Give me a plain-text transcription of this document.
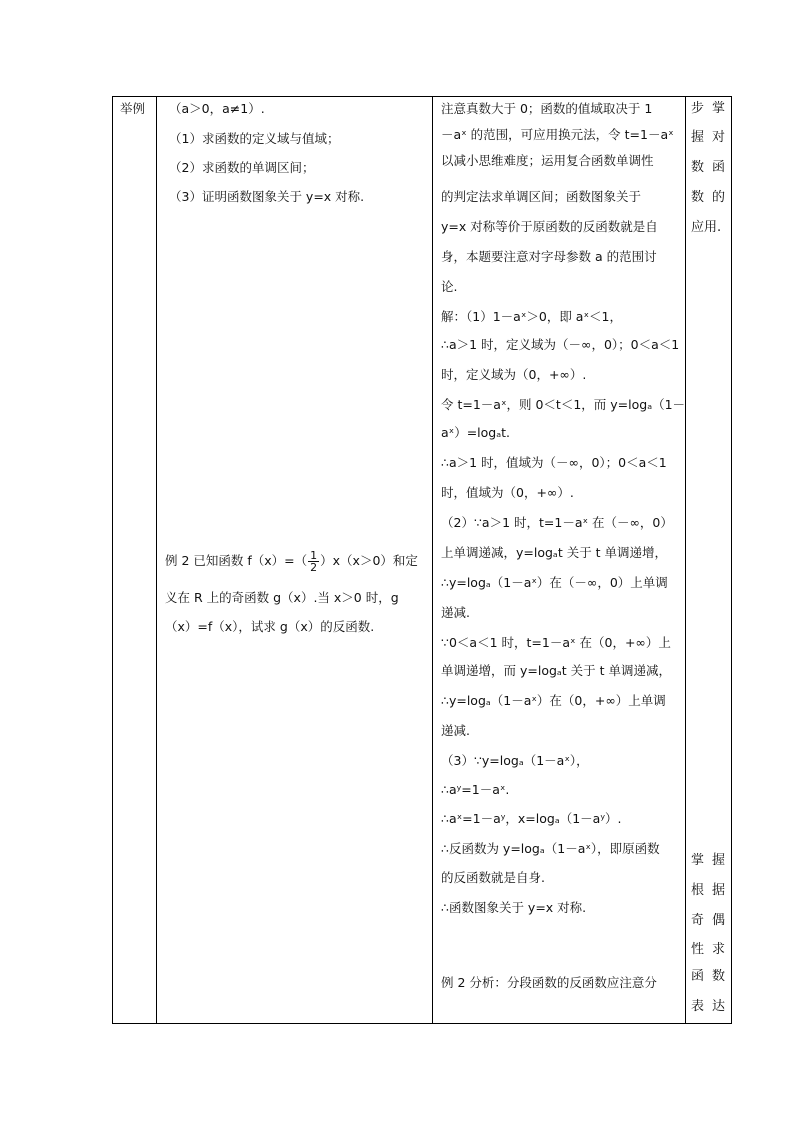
举例 （a＞0，a≠1）.
（1）求函数的定义域与值域；
（2）求函数的单调区间；
（3）证明函数图象关于 y=x 对称.
例 2 已知函数 $f(x)=( \frac{1}{2} )x(x>0)$和定
义在 R 上的奇函数 g（x）.当 x＞0 时，g
（x）=f（x），试求 g（x）的反函数.
注意真数大于 0；函数的值域取决于 1
－aˣ 的范围，可应用换元法，令 t=1－aˣ
以减小思维难度；运用复合函数单调性
的判定法求单调区间；函数图象关于
y=x 对称等价于原函数的反函数就是自
身，本题要注意对字母参数 a 的范围讨
论.
解：（1）1－aˣ＞0，即 aˣ＜1，
∴a＞1 时，定义域为（－∞，0）；0＜a＜1
时，定义域为（0，+∞）.
令 t=1－aˣ，则 0＜t＜1，而 y=logₐ（1－
aˣ）=logₐt.
∴a＞1 时，值域为（－∞，0）；0＜a＜1
时，值域为（0，+∞）.
（2）∵a＞1 时，t=1－aˣ 在（－∞，0）
上单调递减，y=logₐt 关于 t 单调递增，
∴y=logₐ（1－aˣ）在（－∞，0）上单调
递减.
∵0＜a＜1 时，t=1－aˣ 在（0，+∞）上
单调递增，而 y=logₐt 关于 t 单调递减，
∴y=logₐ（1－aˣ）在（0，+∞）上单调
递减.
（3）∵y=logₐ（1－aˣ），
∴aʸ=1－aˣ.
∴aˣ=1－aʸ，x=logₐ（1－aʸ）.
∴反函数为 y=logₐ（1－aˣ），即原函数
的反函数就是自身.
∴函数图象关于 y=x 对称.
例 2 分析：分段函数的反函数应注意分
步 掌
握 对
数 函
数 的
应用.
掌 握
根 据
奇 偶
性 求
函 数
表 达
